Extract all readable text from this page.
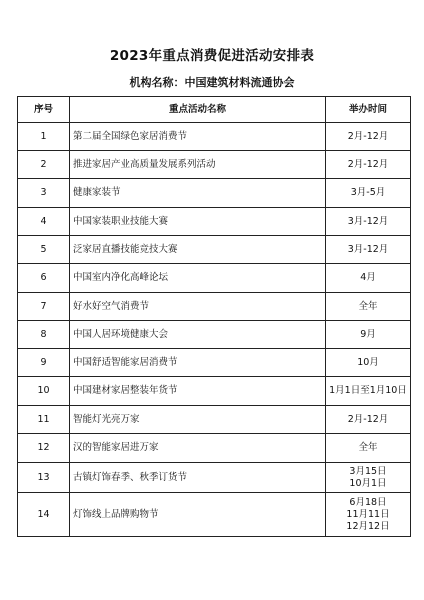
2023年重点消费促进活动安排表
机构名称：中国建筑材料流通协会
序号	重点活动名称	举办时间
1	第二届全国绿色家居消费节	2月-12月

2	推进家居产业高质量发展系列活动	2月-12月

3	健康家装节	3月-5月

4	中国家装职业技能大赛	3月-12月

5	泛家居直播技能竞技大赛	3月-12月

6	中国室内净化高峰论坛	4月

7	好水好空气消费节	全年

8	中国人居环境健康大会	9月

9	中国舒适智能家居消费节	10月

10	中国建材家居整装年货节	1月1日至1月10日

11	智能灯光亮万家	2月-12月

12	汉的智能家居进万家	全年

13	古镇灯饰春季、秋季订货节	3月15日
10月1日

14	灯饰线上品牌购物节	6月18日
11月11日
12月12日
